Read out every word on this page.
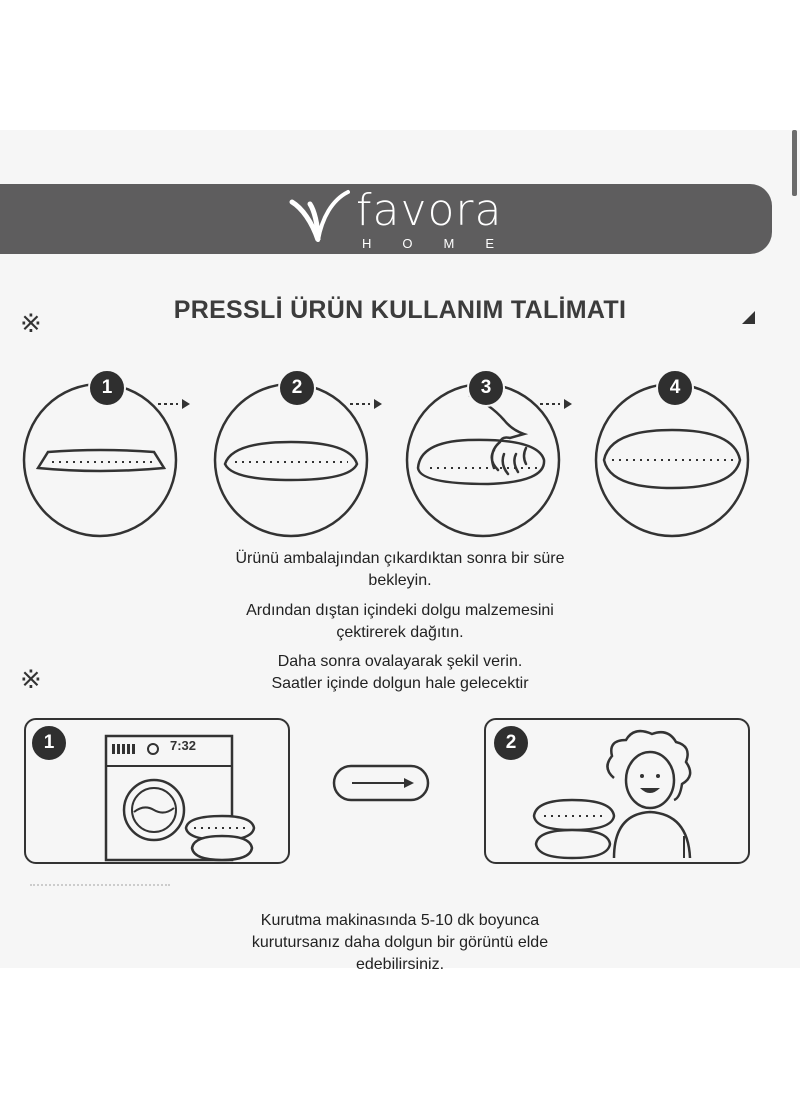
favora
HOME
※	PRESSLİ ÜRÜN KULLANIM TALİMATI
1	2	3	4
Ürünü ambalajından çıkardıktan sonra bir süre
bekleyin.
Ardından dıştan içindeki dolgu malzemesini
çektirerek dağıtın.
Daha sonra ovalayarak şekil verin.
Saatler içinde dolgun hale gelecektir
※
7:32
1	2
Kurutma makinasında 5-10 dk boyunca
kurutursanız daha dolgun bir görüntü elde
edebilirsiniz.
